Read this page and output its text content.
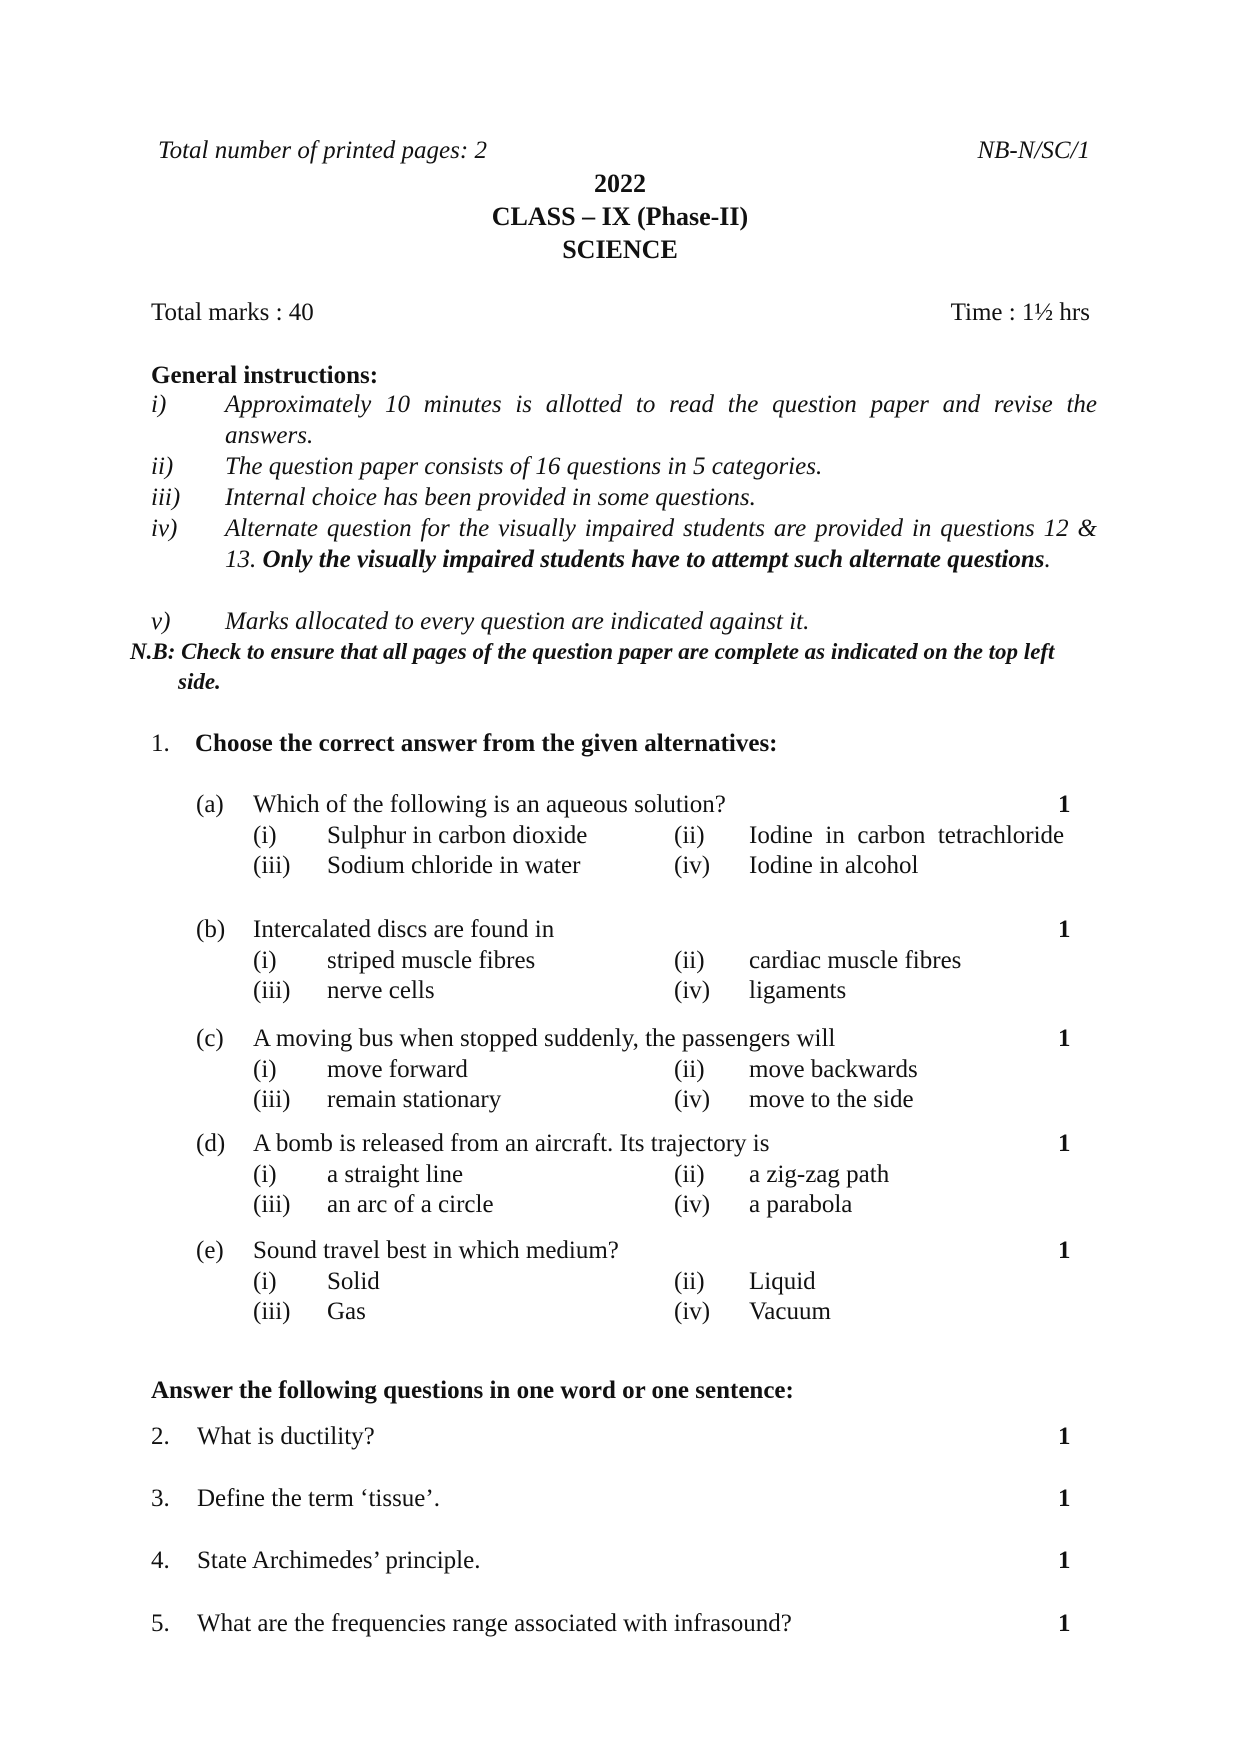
Total number of printed pages: 2	NB-N/SC/1
2022
CLASS – IX (Phase-II)
SCIENCE
Total marks : 40	Time : 1½ hrs
General instructions:
i)	Approximately 10 minutes is allotted to read the question paper and revise the answers.
ii)	The question paper consists of 16 questions in 5 categories.
iii)	Internal choice has been provided in some questions.
iv)	Alternate question for the visually impaired students are provided in questions 12 & 13. Only the visually impaired students have to attempt such alternate questions.
v)	Marks allocated to every question are indicated against it.
N.B: Check to ensure that all pages of the question paper are complete as indicated on the top left
side.
1. Choose the correct answer from the given alternatives:
(a) Which of the following is an aqueous solution?	1
(i) Sulphur in carbon dioxide	(ii) Iodine  in  carbon  tetrachloride
(iii) Sodium chloride in water	(iv) Iodine in alcohol
(b) Intercalated discs are found in	1
(i) striped muscle fibres	(ii) cardiac muscle fibres
(iii) nerve cells	(iv) ligaments
(c) A moving bus when stopped suddenly, the passengers will	1
(i) move forward	(ii) move backwards
(iii) remain stationary	(iv) move to the side
(d) A bomb is released from an aircraft. Its trajectory is	1
(i) a straight line	(ii) a zig-zag path
(iii) an arc of a circle	(iv) a parabola
(e) Sound travel best in which medium?	1
(i) Solid	(ii) Liquid
(iii) Gas	(iv) Vacuum
Answer the following questions in one word or one sentence:
2. What is ductility?	1
3. Define the term ‘tissue’.	1
4. State Archimedes’ principle.	1
5. What are the frequencies range associated with infrasound?	1
